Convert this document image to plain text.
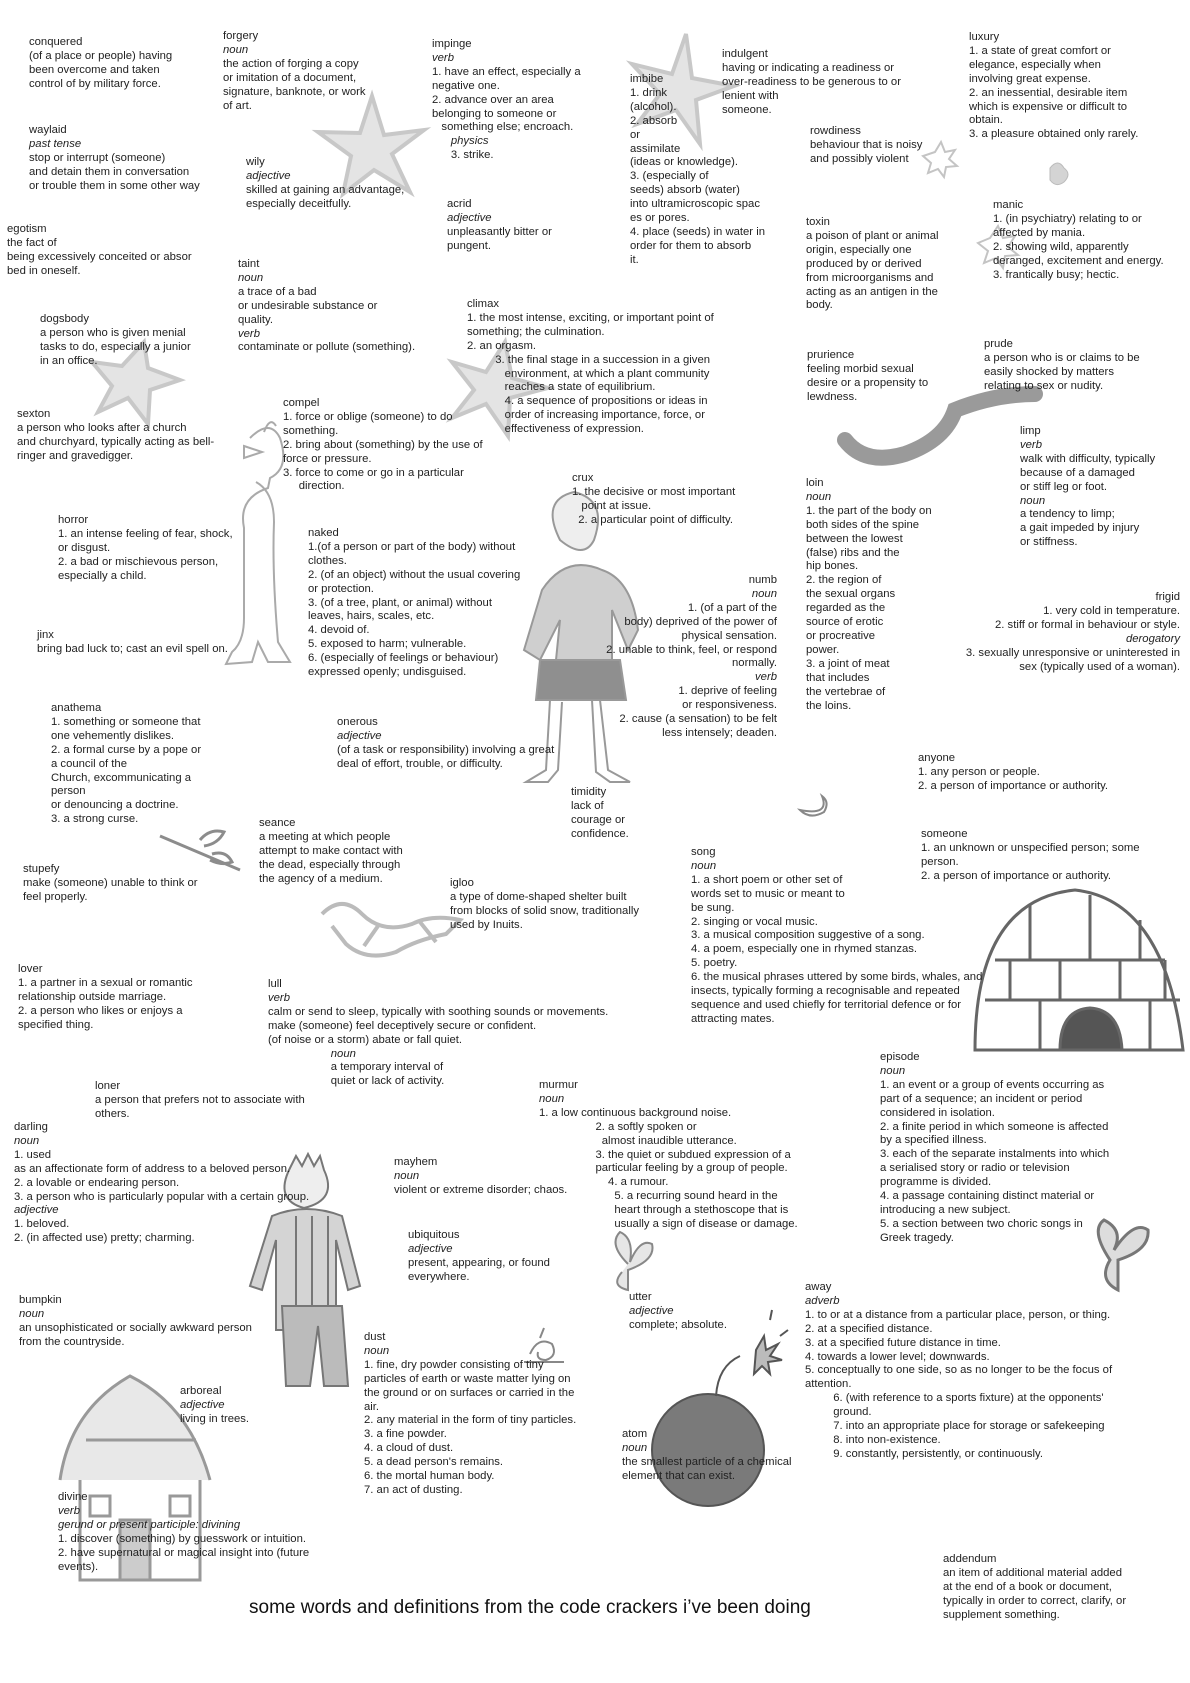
conquered
(of a place or people) having
been overcome and taken
control of by military force.
forgery
noun
the action of forging a copy
or imitation of a document,
signature, banknote, or work
of art.
impinge
verb
1. have an effect, especially a
negative one.
2. advance over an area
belonging to someone or
something else; encroach.
physics
3. strike.
imbibe
1. drink
(alcohol).
2. absorb
or
assimilate
(ideas or knowledge).
3. (especially of
seeds) absorb (water)
into ultramicroscopic spac
es or pores.
4. place (seeds) in water in
order for them to absorb
it.
indulgent
having or indicating a readiness or
over-readiness to be generous to or
lenient with
someone.
luxury
1. a state of great comfort or
elegance, especially when
involving great expense.
2. an inessential, desirable item
which is expensive or difficult to
obtain.
3. a pleasure obtained only rarely.
waylaid
past tense
stop or interrupt (someone)
and detain them in conversation
or trouble them in some other way
wily
adjective
skilled at gaining an advantage,
especially deceitfully.
rowdiness
behaviour that is noisy
and possibly violent
acrid
adjective
unpleasantly bitter or
pungent.
egotism
the fact of
being excessively conceited or absor
bed in oneself.
manic
1. (in psychiatry) relating to or
affected by mania.
2. showing wild, apparently
deranged, excitement and energy.
3. frantically busy; hectic.
toxin
a poison of plant or animal
origin, especially one
produced by or derived
from microorganisms and
acting as an antigen in the
body.
taint
noun
a trace of a bad
or undesirable substance or
quality.
verb
contaminate or pollute (something).
climax
1. the most intense, exciting, or important point of
something; the culmination.
2. an orgasm.
3. the final stage in a succession in a given
environment, at which a plant community
reaches a state of equilibrium.
4. a sequence of propositions or ideas in
order of increasing importance, force, or
effectiveness of expression.
dogsbody
a person who is given menial
tasks to do, especially a junior
in an office.	prurience
feeling morbid sexual
desire or a propensity to
lewdness.
prude
a person who is or claims to be
easily shocked by matters
relating to sex or nudity.
sexton
a person who looks after a church
and churchyard, typically acting as bell-
ringer and gravedigger.
compel
1. force or oblige (someone) to do
something.
2. bring about (something) by the use of
force or pressure.
3. force to come or go in a particular
direction.
limp
verb
walk with difficulty, typically
because of a damaged
or stiff leg or foot.
noun
a tendency to limp;
a gait impeded by injury
or stiffness.
crux
1. the decisive or most important
point at issue.
2. a particular point of difficulty.
loin
noun
1. the part of the body on
both sides of the spine
between the lowest
(false) ribs and the
hip bones.
2. the region of
the sexual organs
regarded as the
source of erotic
or procreative
power.
3. a joint of meat
that includes
the vertebrae of
the loins.
horror
1. an intense feeling of fear, shock,
or disgust.
2. a bad or mischievous person,
especially a child.
naked
1.(of a person or part of the body) without
clothes.
2. (of an object) without the usual covering
or protection.
3. (of a tree, plant, or animal) without
leaves, hairs, scales, etc.
4. devoid of.
5. exposed to harm; vulnerable.
6. (especially of feelings or behaviour)
expressed openly; undisguised.
numb
noun
1. (of a part of the
body) deprived of the power of
physical sensation.
2. unable to think, feel, or respond
normally.
verb
1. deprive of feeling
or responsiveness.
2. cause (a sensation) to be felt
less intensely; deaden.
frigid
1. very cold in temperature.
2. stiff or formal in behaviour or style.
derogatory
3. sexually unresponsive or uninterested in
sex (typically used of a woman).
jinx
bring bad luck to; cast an evil spell on.
anathema
1. something or someone that
one vehemently dislikes.
2. a formal curse by a pope or
a council of the
Church, excommunicating a
person
or denouncing a doctrine.
3. a strong curse.
onerous
adjective
(of a task or responsibility) involving a great
deal of effort, trouble, or difficulty.	anyone
1. any person or people.
2. a person of importance or authority.
timidity
lack of
courage or
confidence.
seance
a meeting at which people
attempt to make contact with
the dead, especially through
the agency of a medium.
someone
1. an unknown or unspecified person; some
person.
2. a person of importance or authority.
song
noun
1. a short poem or other set of
words set to music or meant to
be sung.
2. singing or vocal music.
3. a musical composition suggestive of a song.
4. a poem, especially one in rhymed stanzas.
5. poetry.
6. the musical phrases uttered by some birds, whales, and
insects, typically forming a recognisable and repeated
sequence and used chiefly for territorial defence or for
attracting mates.
stupefy
make (someone) unable to think or
feel properly.
igloo
a type of dome-shaped shelter built
from blocks of solid snow, traditionally
used by Inuits.
lover
1. a partner in a sexual or romantic
relationship outside marriage.
2. a person who likes or enjoys a
specified thing.
lull
verb
calm or send to sleep, typically with soothing sounds or movements.
make (someone) feel deceptively secure or confident.
(of noise or a storm) abate or fall quiet.
noun
a temporary interval of
quiet or lack of activity.
episode
noun
1. an event or a group of events occurring as
part of a sequence; an incident or period
considered in isolation.
2. a finite period in which someone is affected
by a specified illness.
3. each of the separate instalments into which
a serialised story or radio or television
programme is divided.
4. a passage containing distinct material or
introducing a new subject.
5. a section between two choric songs in
Greek tragedy.
loner
a person that prefers not to associate with
others.
murmur
noun
1. a low continuous background noise.
2. a softly spoken or
almost inaudible utterance.
3. the quiet or subdued expression of a
particular feeling by a group of people.
4. a rumour.
5. a recurring sound heard in the
heart through a stethoscope that is
usually a sign of disease or damage.
darling
noun
1. used
as an affectionate form of address to a beloved person.
2. a lovable or endearing person.
3. a person who is particularly popular with a certain group.
adjective
1. beloved.
2. (in affected use) pretty; charming.
mayhem
noun
violent or extreme disorder; chaos.
ubiquitous
adjective
present, appearing, or found
everywhere.
bumpkin
noun
an unsophisticated or socially awkward person
from the countryside.
utter
adjective
complete; absolute.
away
adverb
1. to or at a distance from a particular place, person, or thing.
2. at a specified distance.
3. at a specified future distance in time.
4. towards a lower level; downwards.
5. conceptually to one side, so as no longer to be the focus of
attention.
6. (with reference to a sports fixture) at the opponents'
ground.
7. into an appropriate place for storage or safekeeping
8. into non-existence.
9. constantly, persistently, or continuously.
dust
noun
1. fine, dry powder consisting of tiny
particles of earth or waste matter lying on
the ground or on surfaces or carried in the
air.
2. any material in the form of tiny particles.
3. a fine powder.
4. a cloud of dust.
5. a dead person's remains.
6. the mortal human body.
7. an act of dusting.
arboreal
adjective
living in trees.
atom
noun
the smallest particle of a chemical
element that can exist.
divine
verb
gerund or present participle: divining
1. discover (something) by guesswork or intuition.
2. have supernatural or magical insight into (future
events).
addendum
an item of additional material added
at the end of a book or document,
typically in order to correct, clarify, or
supplement something.
some words and definitions from the code crackers i’ve been doing
